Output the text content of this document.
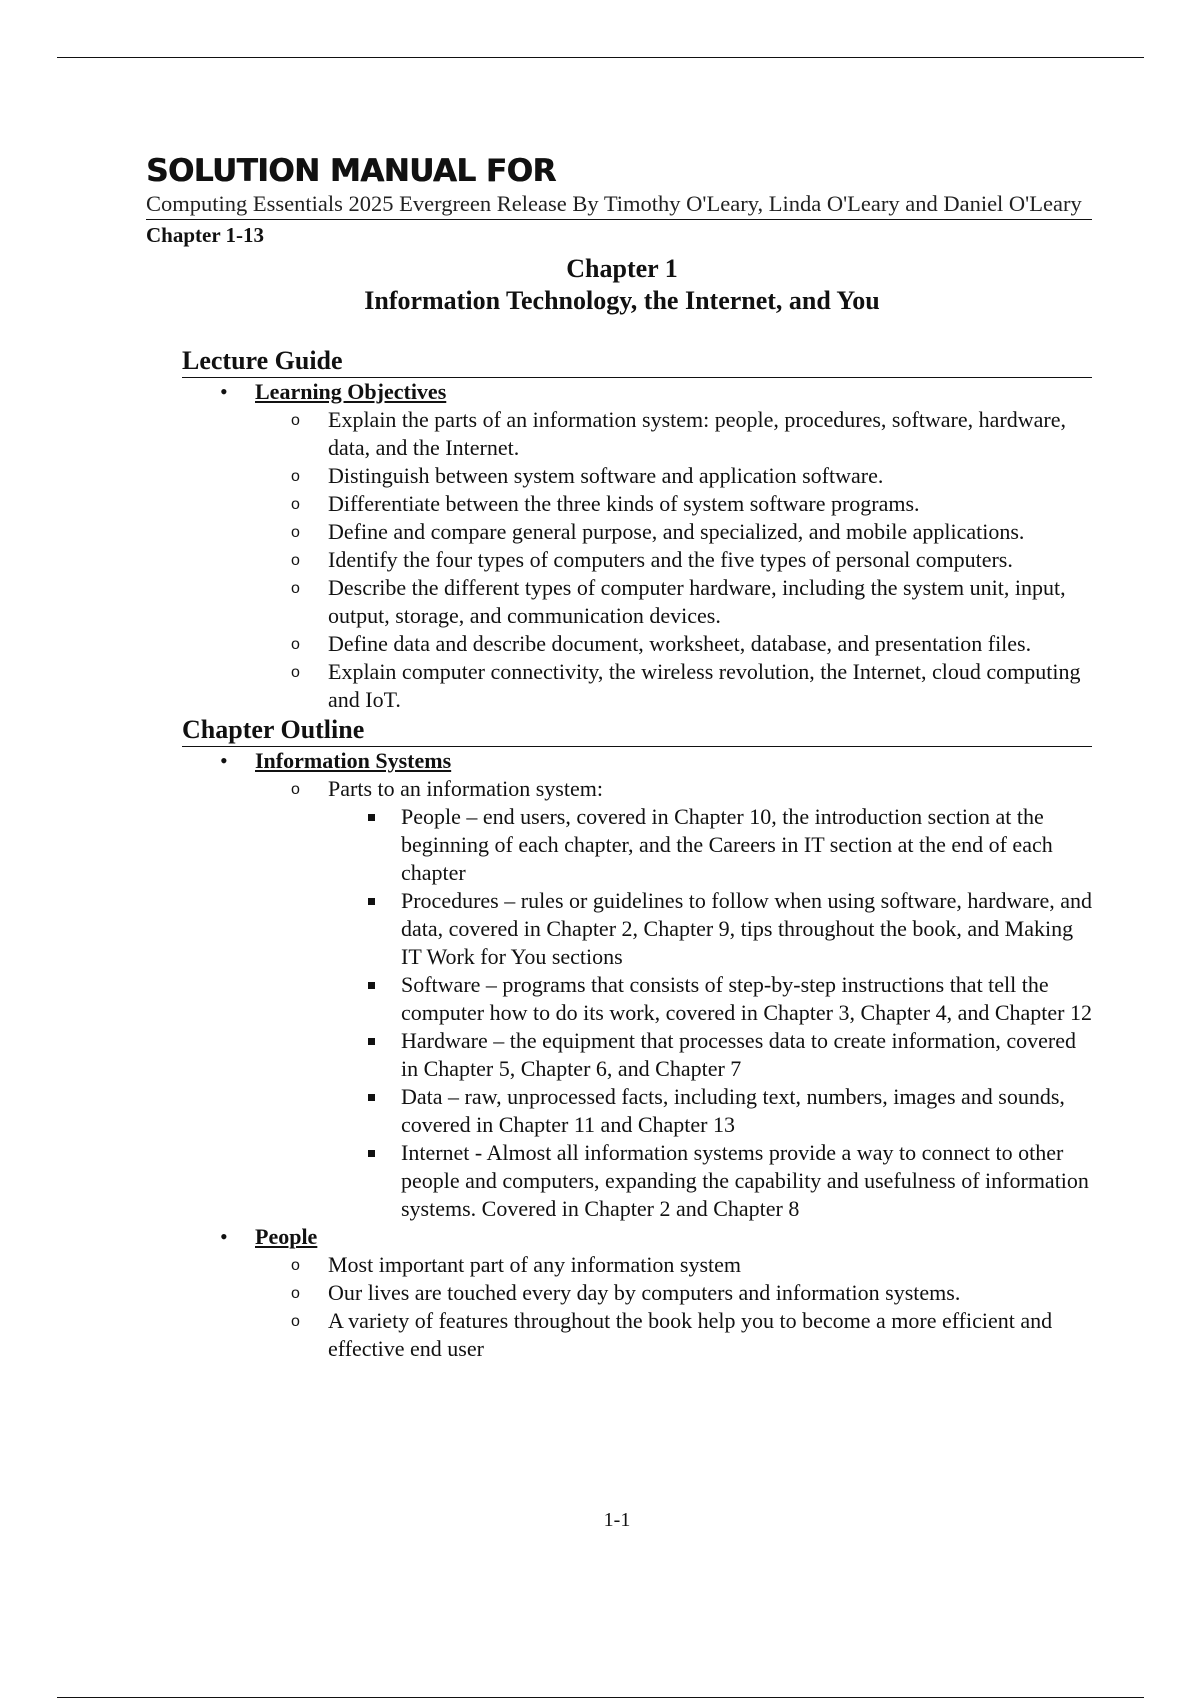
SOLUTION MANUAL FOR
Computing Essentials 2025 Evergreen Release By Timothy O'Leary, Linda O'Leary and Daniel O'Leary
Chapter 1-13
Chapter 1
Information Technology, the Internet, and You
Lecture Guide
• Learning Objectives
o Explain the parts of an information system: people, procedures, software, hardware, data, and the Internet.
o Distinguish between system software and application software.
o Differentiate between the three kinds of system software programs.
o Define and compare general purpose, and specialized, and mobile applications.
o Identify the four types of computers and the five types of personal computers.
o Describe the different types of computer hardware, including the system unit, input, output, storage, and communication devices.
o Define data and describe document, worksheet, database, and presentation files.
o Explain computer connectivity, the wireless revolution, the Internet, cloud computing and IoT.
Chapter Outline
• Information Systems
o Parts to an information system:
People – end users, covered in Chapter 10, the introduction section at the beginning of each chapter, and the Careers in IT section at the end of each chapter
Procedures – rules or guidelines to follow when using software, hardware, and data, covered in Chapter 2, Chapter 9, tips throughout the book, and Making IT Work for You sections
Software – programs that consists of step-by-step instructions that tell the computer how to do its work, covered in Chapter 3, Chapter 4, and Chapter 12
Hardware – the equipment that processes data to create information, covered in Chapter 5, Chapter 6, and Chapter 7
Data – raw, unprocessed facts, including text, numbers, images and sounds, covered in Chapter 11 and Chapter 13
Internet - Almost all information systems provide a way to connect to other people and computers, expanding the capability and usefulness of information systems. Covered in Chapter 2 and Chapter 8
• People
o Most important part of any information system
o Our lives are touched every day by computers and information systems.
o A variety of features throughout the book help you to become a more efficient and effective end user
1-1
